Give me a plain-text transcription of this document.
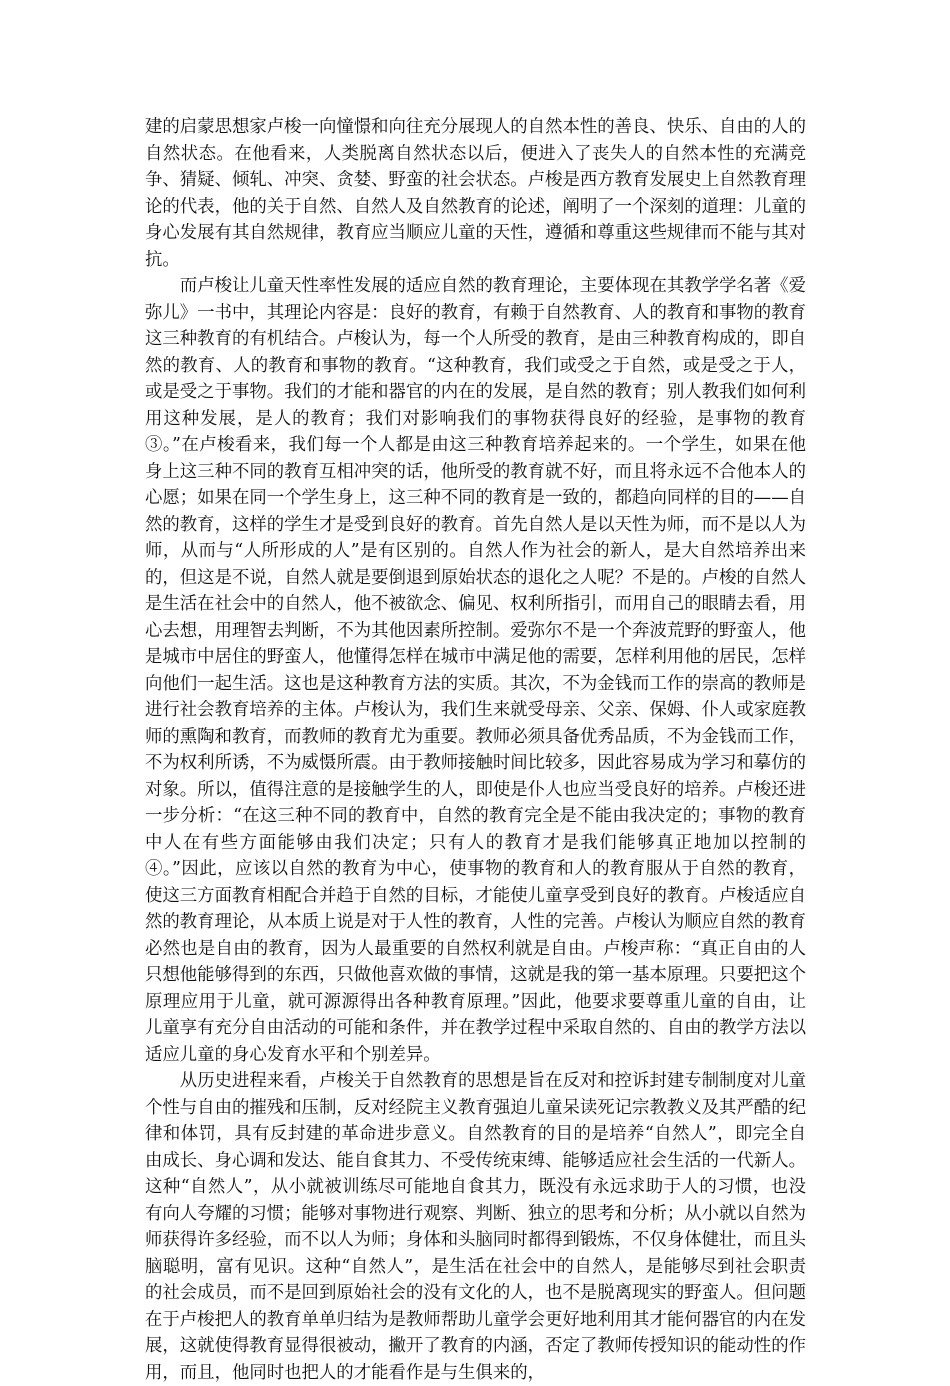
建的启蒙思想家卢梭一向憧憬和向往充分展现人的自然本性的善良、快乐、自由的人的自然状态。在他看来，人类脱离自然状态以后，便进入了丧失人的自然本性的充满竞争、猜疑、倾轧、冲突、贪婪、野蛮的社会状态。卢梭是西方教育发展史上自然教育理论的代表，他的关于自然、自然人及自然教育的论述，阐明了一个深刻的道理：儿童的身心发展有其自然规律，教育应当顺应儿童的天性，遵循和尊重这些规律而不能与其对抗。

而卢梭让儿童天性率性发展的适应自然的教育理论，主要体现在其教学学名著《爱弥儿》一书中，其理论内容是：良好的教育，有赖于自然教育、人的教育和事物的教育这三种教育的有机结合。卢梭认为，每一个人所受的教育，是由三种教育构成的，即自然的教育、人的教育和事物的教育。“这种教育，我们或受之于自然，或是受之于人，或是受之于事物。我们的才能和器官的内在的发展，是自然的教育；别人教我们如何利用这种发展，是人的教育；我们对影响我们的事物获得良好的经验，是事物的教育③。”在卢梭看来，我们每一个人都是由这三种教育培养起来的。一个学生，如果在他身上这三种不同的教育互相冲突的话，他所受的教育就不好，而且将永远不合他本人的心愿；如果在同一个学生身上，这三种不同的教育是一致的，都趋向同样的目的——自然的教育，这样的学生才是受到良好的教育。首先自然人是以天性为师，而不是以人为师，从而与“人所形成的人”是有区别的。自然人作为社会的新人，是大自然培养出来的，但这是不说，自然人就是要倒退到原始状态的退化之人呢？不是的。卢梭的自然人是生活在社会中的自然人，他不被欲念、偏见、权利所指引，而用自己的眼睛去看，用心去想，用理智去判断，不为其他因素所控制。爱弥尔不是一个奔波荒野的野蛮人，他是城市中居住的野蛮人，他懂得怎样在城市中满足他的需要，怎样利用他的居民，怎样向他们一起生活。这也是这种教育方法的实质。其次，不为金钱而工作的崇高的教师是进行社会教育培养的主体。卢梭认为，我们生来就受母亲、父亲、保姆、仆人或家庭教师的熏陶和教育，而教师的教育尤为重要。教师必须具备优秀品质，不为金钱而工作，不为权利所诱，不为威慑所震。由于教师接触时间比较多，因此容易成为学习和摹仿的对象。所以，值得注意的是接触学生的人，即使是仆人也应当受良好的培养。卢梭还进一步分析：“在这三种不同的教育中，自然的教育完全是不能由我决定的；事物的教育中人在有些方面能够由我们决定；只有人的教育才是我们能够真正地加以控制的④。”因此，应该以自然的教育为中心，使事物的教育和人的教育服从于自然的教育，使这三方面教育相配合并趋于自然的目标，才能使儿童享受到良好的教育。卢梭适应自然的教育理论，从本质上说是对于人性的教育，人性的完善。卢梭认为顺应自然的教育必然也是自由的教育，因为人最重要的自然权利就是自由。卢梭声称：“真正自由的人只想他能够得到的东西，只做他喜欢做的事情，这就是我的第一基本原理。只要把这个原理应用于儿童，就可源源得出各种教育原理。”因此，他要求要尊重儿童的自由，让儿童享有充分自由活动的可能和条件，并在教学过程中采取自然的、自由的教学方法以适应儿童的身心发育水平和个别差异。

从历史进程来看，卢梭关于自然教育的思想是旨在反对和控诉封建专制制度对儿童个性与自由的摧残和压制，反对经院主义教育强迫儿童呆读死记宗教教义及其严酷的纪律和体罚，具有反封建的革命进步意义。自然教育的目的是培养“自然人”，即完全自由成长、身心调和发达、能自食其力、不受传统束缚、能够适应社会生活的一代新人。这种“自然人”，从小就被训练尽可能地自食其力，既没有永远求助于人的习惯，也没有向人夸耀的习惯；能够对事物进行观察、判断、独立的思考和分析；从小就以自然为师获得许多经验，而不以人为师；身体和头脑同时都得到锻炼，不仅身体健壮，而且头脑聪明，富有见识。这种“自然人”，是生活在社会中的自然人，是能够尽到社会职责的社会成员，而不是回到原始社会的没有文化的人，也不是脱离现实的野蛮人。但问题在于卢梭把人的教育单单归结为是教师帮助儿童学会更好地利用其才能何器官的内在发展，这就使得教育显得很被动，撇开了教育的内涵，否定了教师传授知识的能动性的作用，而且，他同时也把人的才能看作是与生俱来的，
